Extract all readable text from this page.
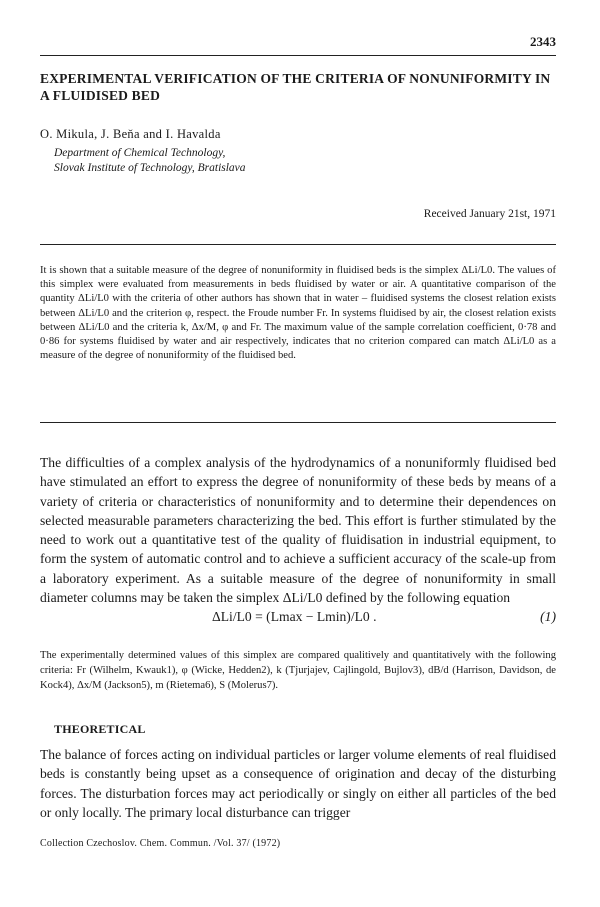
2343
EXPERIMENTAL VERIFICATION OF THE CRITERIA OF NONUNIFORMITY IN A FLUIDISED BED
O. Mikula, J. Beňa and I. Havalda
Department of Chemical Technology,
Slovak Institute of Technology, Bratislava
Received January 21st, 1971

It is shown that a suitable measure of the degree of nonuniformity in fluidised beds is the simplex ΔLi/L0. The values of this simplex were evaluated from measurements in beds fluidised by water or air. A quantitative comparison of the quantity ΔLi/L0 with the criteria of other authors has shown that in water – fluidised systems the closest relation exists between ΔLi/L0 and the criterion φ, respect. the Froude number Fr. In systems fluidised by air, the closest relation exists between ΔLi/L0 and the criteria k, Δx/M, φ and Fr. The maximum value of the sample correlation coefficient, 0·78 and 0·86 for systems fluidised by water and air respectively, indicates that no criterion compared can match ΔLi/L0 as a measure of the degree of nonuniformity of the fluidised bed.

The difficulties of a complex analysis of the hydrodynamics of a nonuniformly fluidised bed have stimulated an effort to express the degree of nonuniformity of these beds by means of a variety of criteria or characteristics of nonuniformity and to determine their dependences on selected measurable parameters characterizing the bed. This effort is further stimulated by the need to work out a quantitative test of the quality of fluidisation in industrial equipment, to form the system of automatic control and to achieve a sufficient accuracy of the scale-up from a laboratory experiment. As a suitable measure of the degree of nonuniformity in small diameter columns may be taken the simplex ΔLi/L0 defined by the following equation

ΔLi/L0 = (Lmax − Lmin)/L0 .	(1)

The experimentally determined values of this simplex are compared qualitively and quantitatively with the following criteria: Fr (Wilhelm, Kwauk1), φ (Wicke, Hedden2), k (Tjurjajev, Cajlingold, Bujlov3), dB/d (Harrison, Davidson, de Kock4), Δx/M (Jackson5), m (Rietema6), S (Molerus7).

THEORETICAL

The balance of forces acting on individual particles or larger volume elements of real fluidised beds is constantly being upset as a consequence of origination and decay of the disturbing forces. The disturbation forces may act periodically or singly on either all particles of the bed or only locally. The primary local disturbance can trigger

Collection Czechoslov. Chem. Commun. /Vol. 37/ (1972)
